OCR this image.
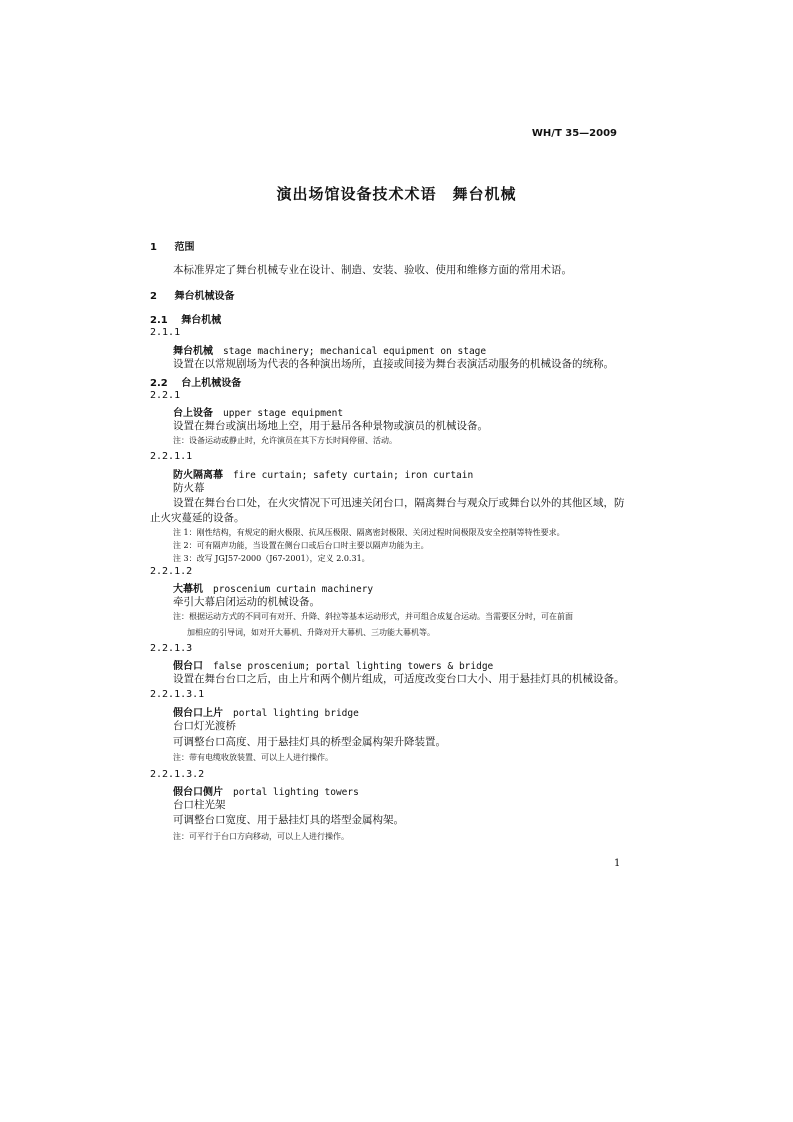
WH/T 35—2009
演出场馆设备技术术语　舞台机械
1 范围
本标准界定了舞台机械专业在设计、制造、安装、验收、使用和维修方面的常用术语。
2 舞台机械设备
2.1 舞台机械
2.1.1
舞台机械 stage machinery; mechanical equipment on stage
设置在以常规剧场为代表的各种演出场所，直接或间接为舞台表演活动服务的机械设备的统称。
2.2 台上机械设备
2.2.1
台上设备 upper stage equipment
设置在舞台或演出场地上空，用于悬吊各种景物或演员的机械设备。
注：设备运动或静止时，允许演员在其下方长时间停留、活动。
2.2.1.1
防火隔离幕 fire curtain; safety curtain; iron curtain
防火幕
设置在舞台台口处，在火灾情况下可迅速关闭台口，隔离舞台与观众厅或舞台以外的其他区域，防
止火灾蔓延的设备。
注 1：刚性结构，有规定的耐火极限、抗风压极限、隔离密封极限、关闭过程时间极限及安全控制等特性要求。
注 2：可有隔声功能，当设置在侧台口或后台口时主要以隔声功能为主。
注 3：改写 JGJ57-2000（J67-2001），定义 2.0.31。
2.2.1.2
大幕机 proscenium curtain machinery
牵引大幕启闭运动的机械设备。
注：根据运动方式的不同可有对开、升降、斜拉等基本运动形式，并可组合成复合运动。当需要区分时，可在前面
加相应的引导词，如对开大幕机、升降对开大幕机、三功能大幕机等。
2.2.1.3
假台口 false proscenium; portal lighting towers & bridge
设置在舞台台口之后，由上片和两个侧片组成，可适度改变台口大小、用于悬挂灯具的机械设备。
2.2.1.3.1
假台口上片 portal lighting bridge
台口灯光渡桥
可调整台口高度、用于悬挂灯具的桥型金属构架升降装置。
注：带有电缆收放装置、可以上人进行操作。
2.2.1.3.2
假台口侧片 portal lighting towers
台口柱光架
可调整台口宽度、用于悬挂灯具的塔型金属构架。
注：可平行于台口方向移动，可以上人进行操作。
1
